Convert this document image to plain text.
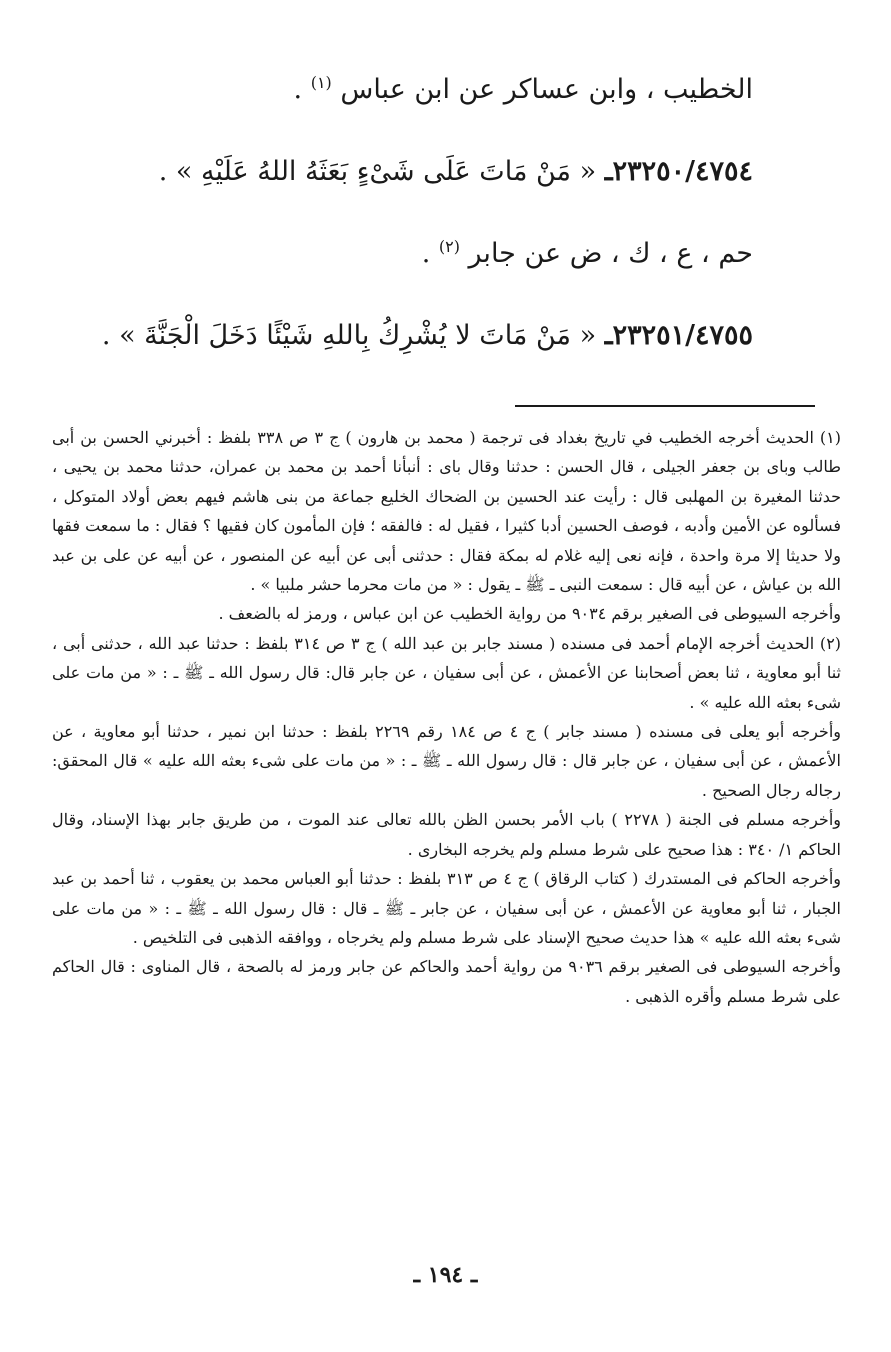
الخطيب ، وابن عساكر عن ابن عباس $^{(١)}$ .
٢٣٢٥٠/٤٧٥٤ـ « مَنْ مَاتَ عَلَى شَىْءٍ بَعَثَهُ اللهُ عَلَيْهِ » .
حم ، ع ، ك ، ض عن جابر $^{(٢)}$ .
٢٣٢٥١/٤٧٥٥ـ « مَنْ مَاتَ لا يُشْرِكُ بِاللهِ شَيْئًا دَخَلَ الْجَنَّةَ » .

(١) الحديث أخرجه الخطيب في تاريخ بغداد فى ترجمة ( محمد بن هارون ) ج ٣ ص ٣٣٨ بلفظ : أخبرني الحسن بن أبى طالب وباى بن جعفر الجيلى ، قال الحسن : حدثنا وقال باى : أنبأنا أحمد بن محمد بن عمران، حدثنا محمد بن يحيى ، حدثنا المغيرة بن المهلبى قال : رأيت عند الحسين بن الضحاك الخليع جماعة من بنى هاشم فيهم بعض أولاد المتوكل ، فسألوه عن الأمين وأدبه ، فوصف الحسين أدبا كثيرا ، فقيل له : فالفقه ؛ فإن المأمون كان فقيها ؟ فقال : ما سمعت فقها ولا حديثا إلا مرة واحدة ، فإنه نعى إليه غلام له بمكة فقال : حدثنى أبى عن أبيه عن المنصور ، عن أبيه عن على بن عبد الله بن عياش ، عن أبيه قال : سمعت النبى ـ ﷺ ـ يقول : « من مات محرما حشر ملبيا » .

وأخرجه السيوطى فى الصغير برقم ٩٠٣٤ من رواية الخطيب عن ابن عباس ، ورمز له بالضعف .

(٢) الحديث أخرجه الإمام أحمد فى مسنده ( مسند جابر بن عبد الله ) ج ٣ ص ٣١٤ بلفظ : حدثنا عبد الله ، حدثنى أبى ، ثنا أبو معاوية ، ثنا بعض أصحابنا عن الأعمش ، عن أبى سفيان ، عن جابر قال: قال رسول الله ـ ﷺ ـ : « من مات على شىء بعثه الله عليه » .

وأخرجه أبو يعلى فى مسنده ( مسند جابر ) ج ٤ ص ١٨٤ رقم ٢٢٦٩ بلفظ : حدثنا ابن نمير ، حدثنا أبو معاوية ، عن الأعمش ، عن أبى سفيان ، عن جابر قال : قال رسول الله ـ ﷺ ـ : « من مات على شىء بعثه الله عليه » قال المحقق: رجاله رجال الصحيح .

وأخرجه مسلم فى الجنة ( ٢٢٧٨ ) باب الأمر بحسن الظن بالله تعالى عند الموت ، من طريق جابر بهذا الإسناد، وقال الحاكم ١/ ٣٤٠ : هذا صحيح على شرط مسلم ولم يخرجه البخارى .

وأخرجه الحاكم فى المستدرك ( كتاب الرقاق ) ج ٤ ص ٣١٣ بلفظ : حدثنا أبو العباس محمد بن يعقوب ، ثنا أحمد بن عبد الجبار ، ثنا أبو معاوية عن الأعمش ، عن أبى سفيان ، عن جابر ـ ﷺ ـ قال : قال رسول الله ـ ﷺ ـ : « من مات على شىء بعثه الله عليه » هذا حديث صحيح الإسناد على شرط مسلم ولم يخرجاه ، ووافقه الذهبى فى التلخيص .

وأخرجه السيوطى فى الصغير برقم ٩٠٣٦ من رواية أحمد والحاكم عن جابر ورمز له بالصحة ، قال المناوى : قال الحاكم على شرط مسلم وأقره الذهبى .

ـ ١٩٤ ـ
